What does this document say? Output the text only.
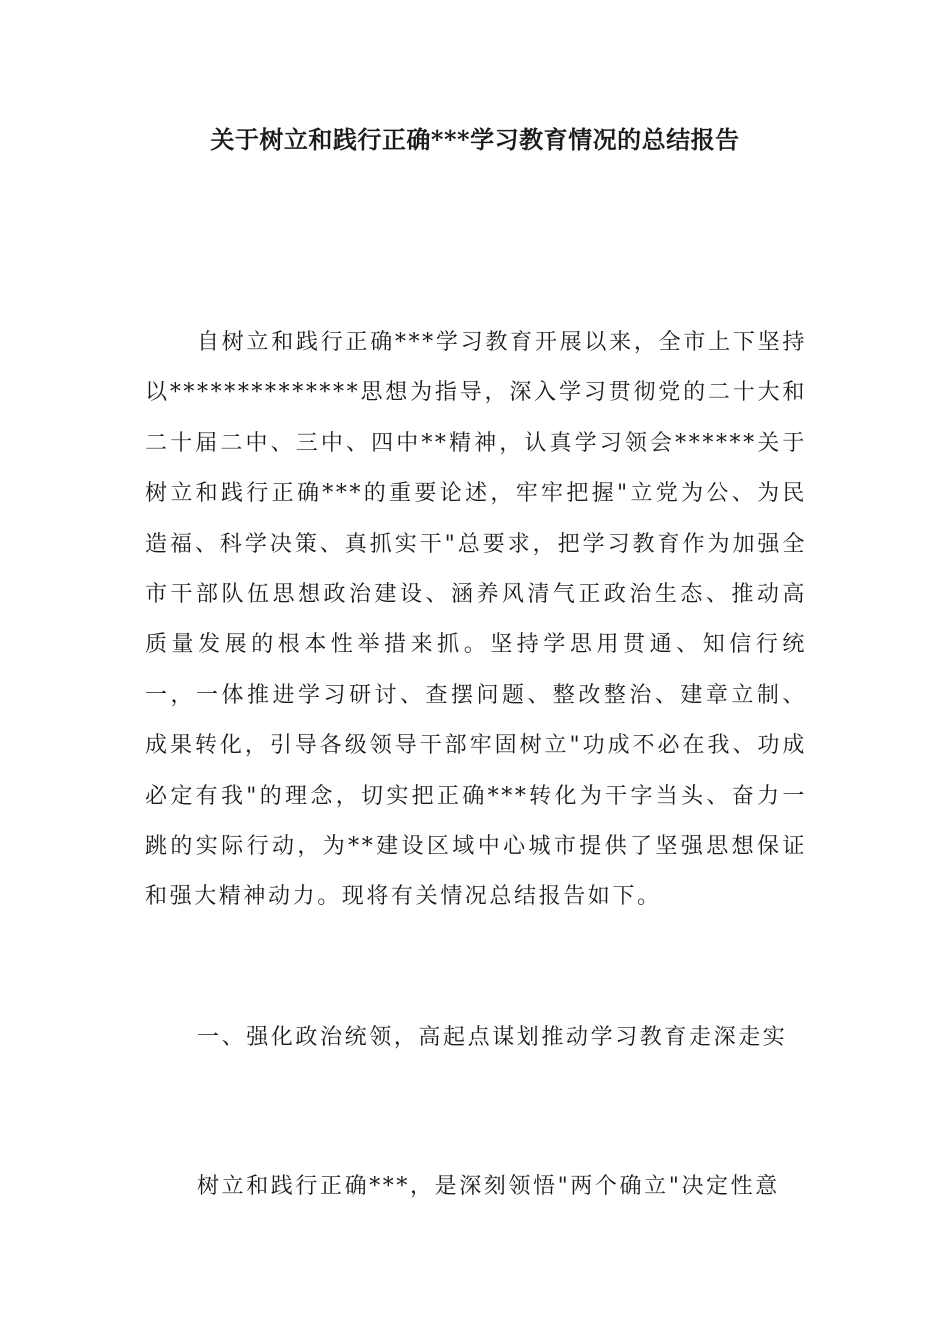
关于树立和践行正确***学习教育情况的总结报告

自树立和践行正确***学习教育开展以来，全市上下坚持以**************思想为指导，深入学习贯彻党的二十大和二十届二中、三中、四中**精神，认真学习领会******关于树立和践行正确***的重要论述，牢牢把握"立党为公、为民造福、科学决策、真抓实干"总要求，把学习教育作为加强全市干部队伍思想政治建设、涵养风清气正政治生态、推动高质量发展的根本性举措来抓。坚持学思用贯通、知信行统一，一体推进学习研讨、查摆问题、整改整治、建章立制、成果转化，引导各级领导干部牢固树立"功成不必在我、功成必定有我"的理念，切实把正确***转化为干字当头、奋力一跳的实际行动，为**建设区域中心城市提供了坚强思想保证和强大精神动力。现将有关情况总结报告如下。

一、强化政治统领，高起点谋划推动学习教育走深走实

树立和践行正确***，是深刻领悟"两个确立"决定性意
